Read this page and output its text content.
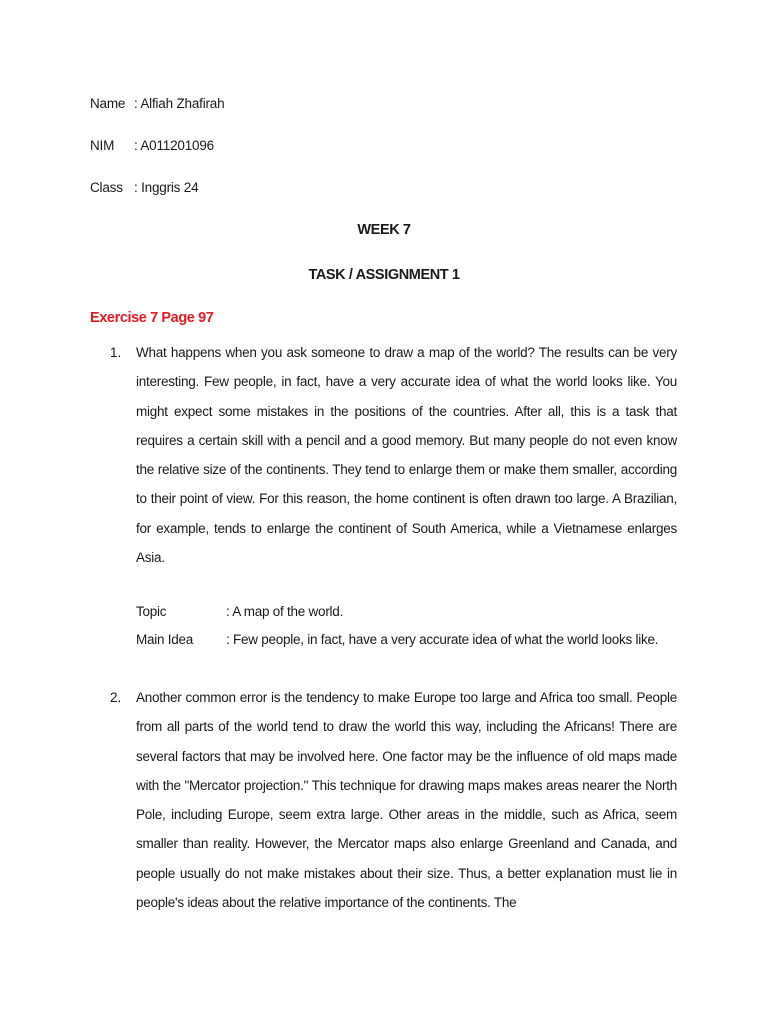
Name : Alfiah Zhafirah
NIM : A011201096
Class : Inggris 24
WEEK 7
TASK / ASSIGNMENT 1
Exercise 7 Page 97
1. What happens when you ask someone to draw a map of the world? The results can be very interesting. Few people, in fact, have a very accurate idea of what the world looks like. You might expect some mistakes in the positions of the countries. After all, this is a task that requires a certain skill with a pencil and a good memory. But many people do not even know the relative size of the continents. They tend to enlarge them or make them smaller, according to their point of view. For this reason, the home continent is often drawn too large. A Brazilian, for example, tends to enlarge the continent of South America, while a Vietnamese enlarges Asia.

Topic	: A map of the world.
Main Idea : Few people, in fact, have a very accurate idea of what the world looks like.
2. Another common error is the tendency to make Europe too large and Africa too small. People from all parts of the world tend to draw the world this way, including the Africans! There are several factors that may be involved here. One factor may be the influence of old maps made with the "Mercator projection." This technique for drawing maps makes areas nearer the North Pole, including Europe, seem extra large. Other areas in the middle, such as Africa, seem smaller than reality. However, the Mercator maps also enlarge Greenland and Canada, and people usually do not make mistakes about their size. Thus, a better explanation must lie in people's ideas about the relative importance of the continents. The
